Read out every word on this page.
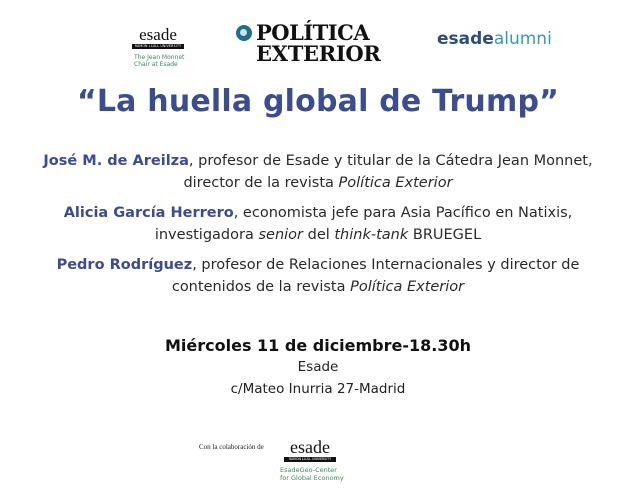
esade
RAMON LLULL UNIVERSITY
The Jean Monnet
Chair at Esade
POLÍTICA
EXTERIOR
esadealumni
“La huella global de Trump”
José M. de Areilza, profesor de Esade y titular de la Cátedra Jean Monnet, director de la revista Política Exterior
Alicia García Herrero, economista jefe para Asia Pacífico en Natixis, investigadora senior del think-tank BRUEGEL
Pedro Rodríguez, profesor de Relaciones Internacionales y director de contenidos de la revista Política Exterior
Miércoles 11 de diciembre-18.30h
Esade
c/Mateo Inurria 27-Madrid
Con la colaboración de	esade
RAMON LLULL UNIVERSITY
EsadeGeo-Center
for Global Economy
